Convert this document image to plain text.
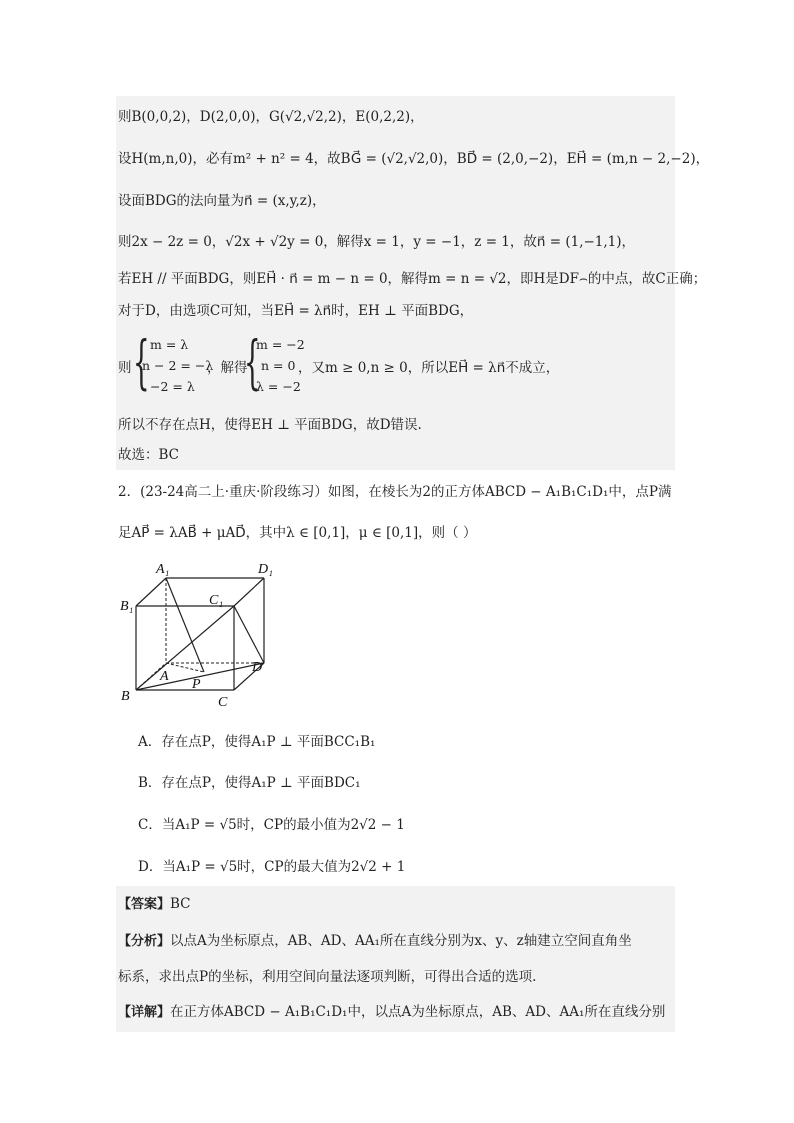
则B(0,0,2)，D(2,0,0)，G(√2,√2,2)，E(0,2,2)，
设H(m,n,0)，必有m² + n² = 4，故BG⃗ = (√2,√2,0)，BD⃗ = (2,0,−2)，EH⃗ = (m,n − 2,−2)，
设面BDG的法向量为n⃗ = (x,y,z)，
则2x − 2z = 0，√2x + √2y = 0，解得x = 1，y = −1，z = 1，故n⃗ = (1,−1,1)，
若EH // 平面BDG，则EH⃗ · n⃗ = m − n = 0，解得m = n = √2，即H是DF⌢的中点，故C正确；
对于D，由选项C可知，当EH⃗ = λn⃗时，EH ⊥ 平面BDG，
则 { m = λ
n − 2 = −λ
−2 = λ
，解得
{
m = −2
n = 0
λ = −2
，又m ≥ 0,n ≥ 0，所以EH⃗ = λn⃗不成立，
所以不存在点H，使得EH ⊥ 平面BDG，故D错误.
故选：BC
2．(23-24高二上·重庆·阶段练习）如图，在棱长为2的正方体ABCD − A₁B₁C₁D₁中，点P满
足AP⃗ = λAB⃗ + μAD⃗，其中λ ∈ [0,1]，μ ∈ [0,1]，则（ ）
A₁	D₁
B₁	C₁
A
D
B	C
P
A．存在点P，使得A₁P ⊥ 平面BCC₁B₁
B．存在点P，使得A₁P ⊥ 平面BDC₁
C．当A₁P = √5时，CP的最小值为2√2 − 1
D．当A₁P = √5时，CP的最大值为2√2 + 1
【答案】BC
【分析】以点A为坐标原点，AB、AD、AA₁所在直线分别为x、y、z轴建立空间直角坐
标系，求出点P的坐标，利用空间向量法逐项判断，可得出合适的选项.
【详解】在正方体ABCD − A₁B₁C₁D₁中，以点A为坐标原点，AB、AD、AA₁所在直线分别
